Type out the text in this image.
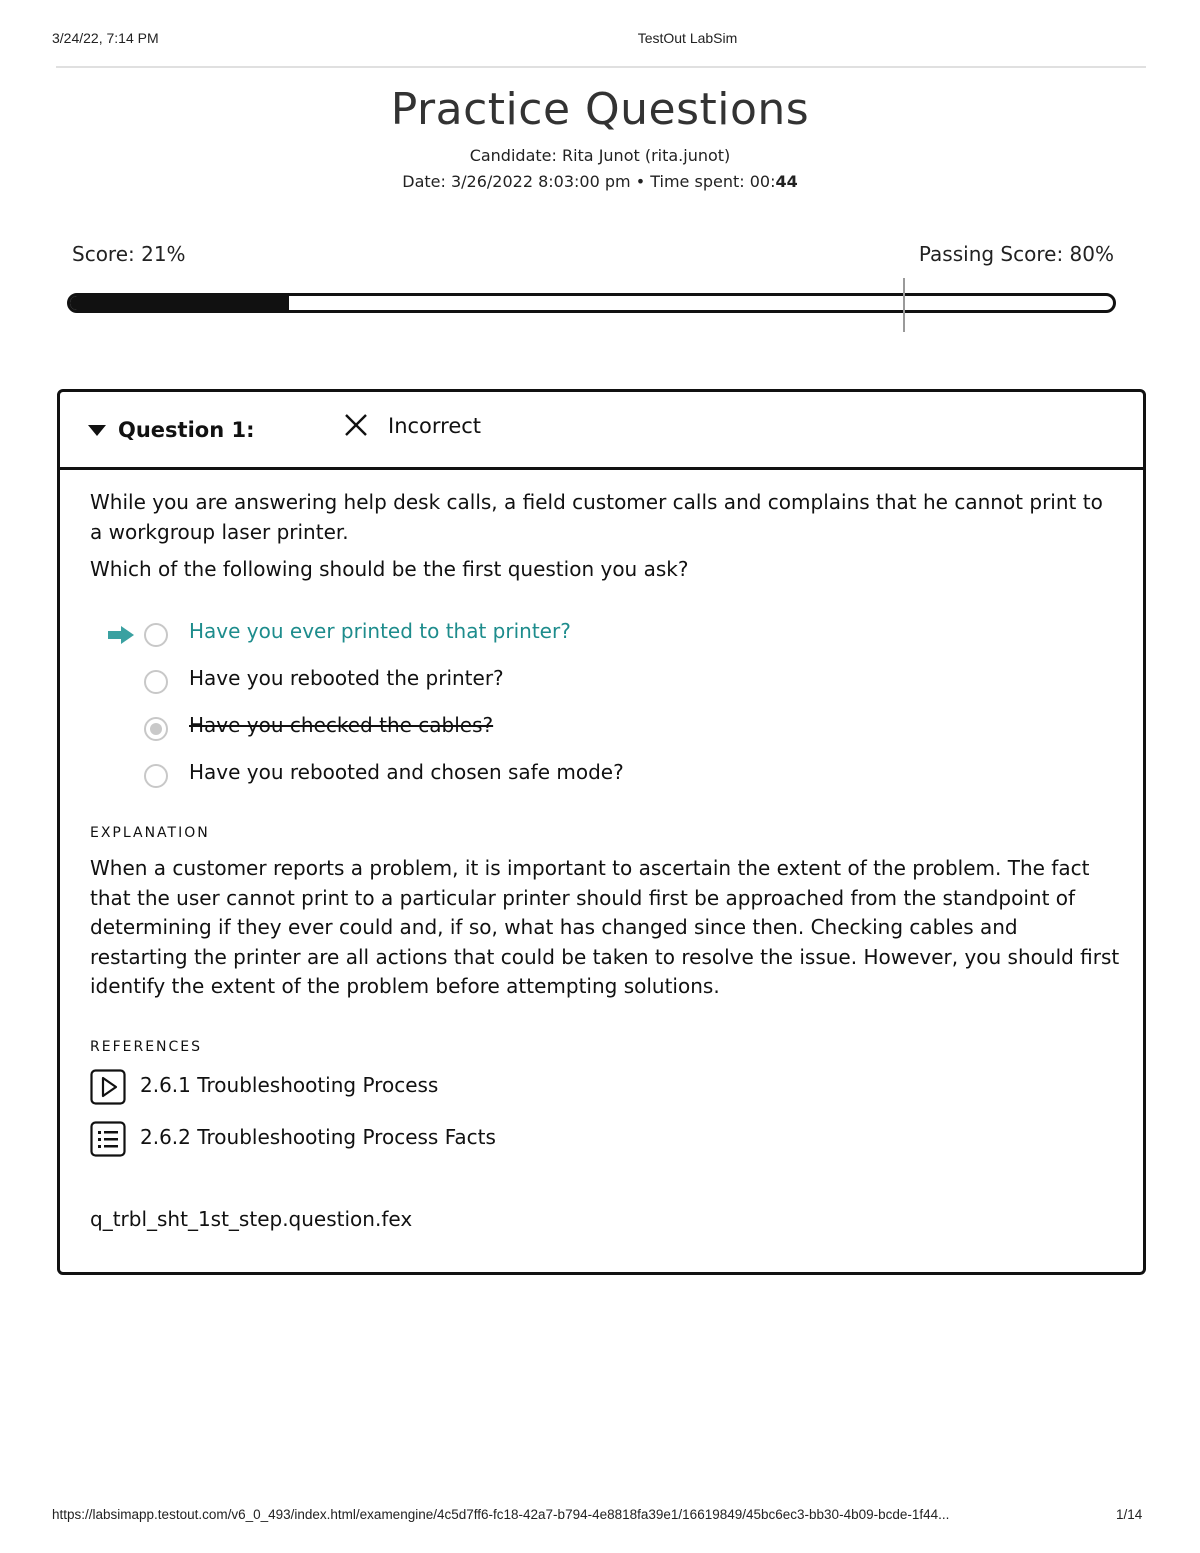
3/24/22, 7:14 PM	TestOut LabSim
Practice Questions
Candidate: Rita Junot (rita.junot)
Date: 3/26/2022 8:03:00 pm • Time spent: 00:44
Score: 21%	Passing Score: 80%
Question 1:	Incorrect
While you are answering help desk calls, a field customer calls and complains that he cannot print to a workgroup laser printer.
Which of the following should be the first question you ask?
Have you ever printed to that printer?
Have you rebooted the printer?
Have you checked the cables?
Have you rebooted and chosen safe mode?
EXPLANATION
When a customer reports a problem, it is important to ascertain the extent of the problem. The fact that the user cannot print to a particular printer should first be approached from the standpoint of determining if they ever could and, if so, what has changed since then. Checking cables and restarting the printer are all actions that could be taken to resolve the issue. However, you should first identify the extent of the problem before attempting solutions.
REFERENCES
2.6.1 Troubleshooting Process
2.6.2 Troubleshooting Process Facts
q_trbl_sht_1st_step.question.fex
https://labsimapp.testout.com/v6_0_493/index.html/examengine/4c5d7ff6-fc18-42a7-b794-4e8818fa39e1/16619849/45bc6ec3-bb30-4b09-bcde-1f44...	1/14
